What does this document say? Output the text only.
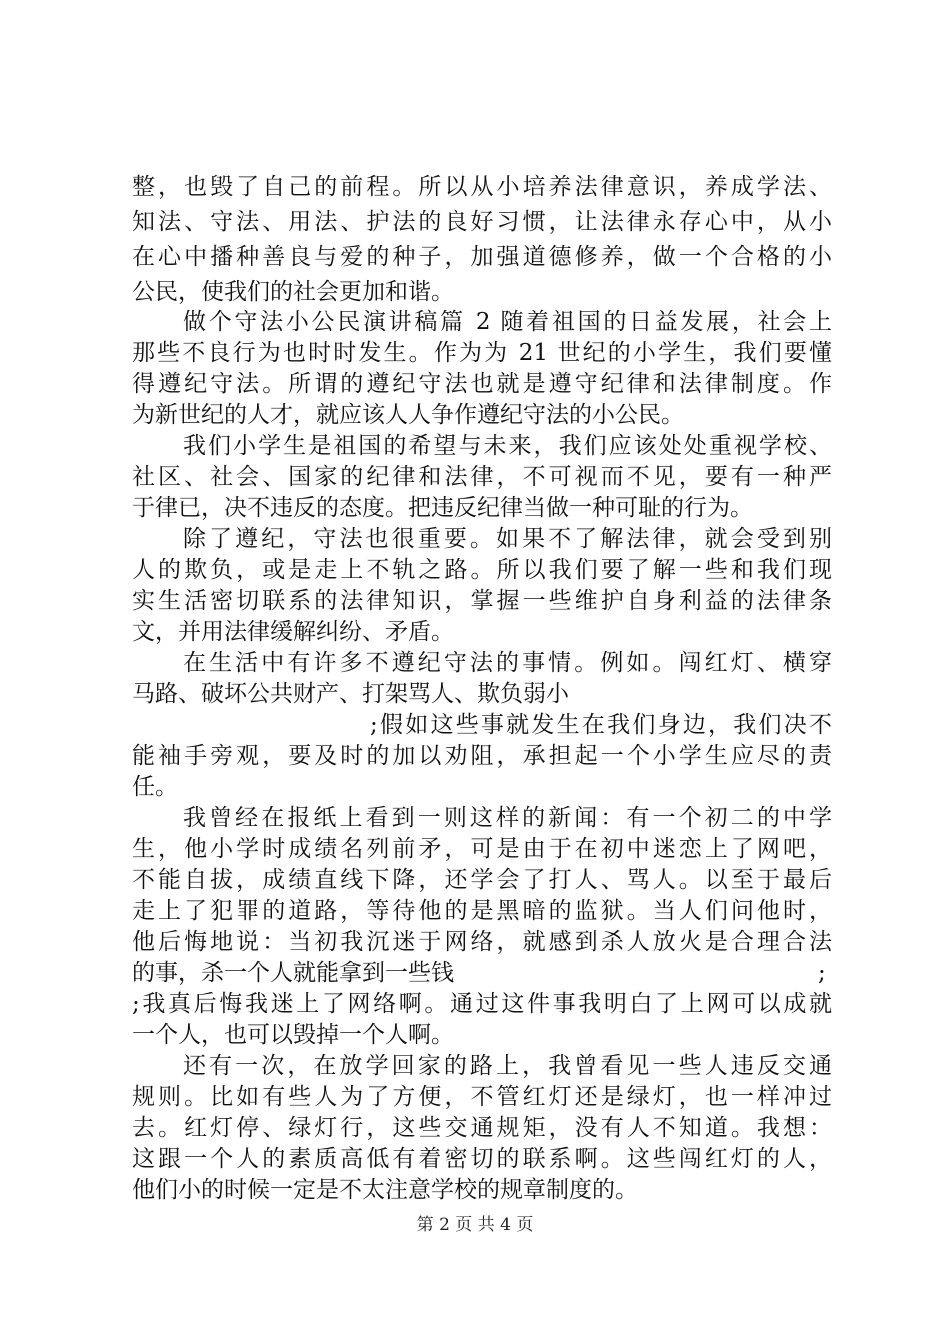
整，也毁了自己的前程。所以从小培养法律意识，养成学法、
知法、守法、用法、护法的良好习惯，让法律永存心中，从小
在心中播种善良与爱的种子，加强道德修养，做一个合格的小
公民，使我们的社会更加和谐。
做个守法小公民演讲稿篇 2 随着祖国的日益发展，社会上
那些不良行为也时时发生。作为为 21 世纪的小学生，我们要懂
得遵纪守法。所谓的遵纪守法也就是遵守纪律和法律制度。作
为新世纪的人才，就应该人人争作遵纪守法的小公民。
我们小学生是祖国的希望与未来，我们应该处处重视学校、
社区、社会、国家的纪律和法律，不可视而不见，要有一种严
于律已，决不违反的态度。把违反纪律当做一种可耻的行为。
除了遵纪，守法也很重要。如果不了解法律，就会受到别
人的欺负，或是走上不轨之路。所以我们要了解一些和我们现
实生活密切联系的法律知识，掌握一些维护自身利益的法律条
文，并用法律缓解纠纷、矛盾。
在生活中有许多不遵纪守法的事情。例如。闯红灯、横穿
马路、破坏公共财产、打架骂人、欺负弱小
;假如这些事就发生在我们身边，我们决不
能袖手旁观，要及时的加以劝阻，承担起一个小学生应尽的责
任。
我曾经在报纸上看到一则这样的新闻：有一个初二的中学
生，他小学时成绩名列前矛，可是由于在初中迷恋上了网吧，
不能自拔，成绩直线下降，还学会了打人、骂人。以至于最后
走上了犯罪的道路，等待他的是黑暗的监狱。当人们问他时，
他后悔地说：当初我沉迷于网络，就感到杀人放火是合理合法
的事，杀一个人就能拿到一些钱	;
;我真后悔我迷上了网络啊。通过这件事我明白了上网可以成就
一个人，也可以毁掉一个人啊。
还有一次，在放学回家的路上，我曾看见一些人违反交通
规则。比如有些人为了方便，不管红灯还是绿灯，也一样冲过
去。红灯停、绿灯行，这些交通规矩，没有人不知道。我想：
这跟一个人的素质高低有着密切的联系啊。这些闯红灯的人，
他们小的时候一定是不太注意学校的规章制度的。
第 2 页 共 4 页
